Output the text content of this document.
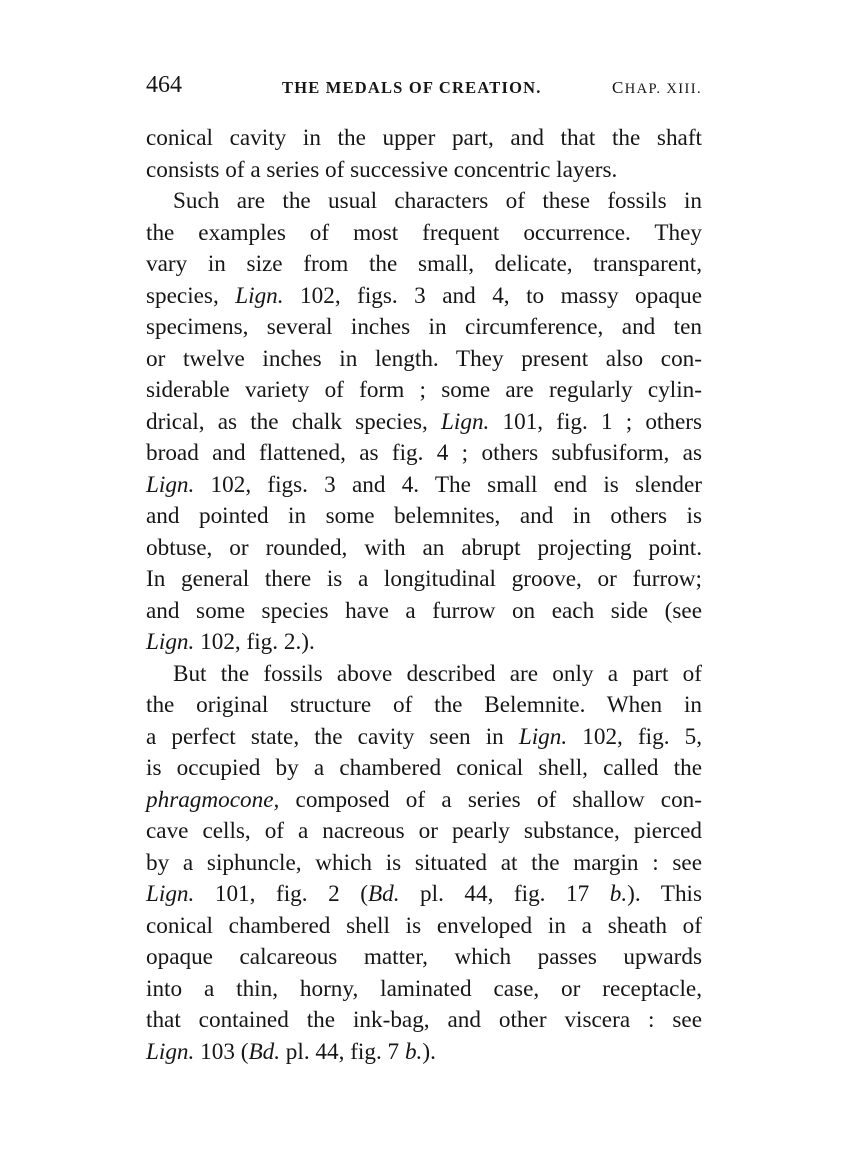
464	THE MEDALS OF CREATION.	CHAP. XIII.
conical cavity in the upper part, and that the shaft
consists of a series of successive concentric layers.
Such are the usual characters of these fossils in
the examples of most frequent occurrence. They
vary in size from the small, delicate, transparent,
species, Lign. 102, figs. 3 and 4, to massy opaque
specimens, several inches in circumference, and ten
or twelve inches in length. They present also con-
siderable variety of form ; some are regularly cylin-
drical, as the chalk species, Lign. 101, fig. 1 ; others
broad and flattened, as fig. 4 ; others subfusiform, as
Lign. 102, figs. 3 and 4. The small end is slender
and pointed in some belemnites, and in others is
obtuse, or rounded, with an abrupt projecting point.
In general there is a longitudinal groove, or furrow;
and some species have a furrow on each side (see
Lign. 102, fig. 2.).
But the fossils above described are only a part of
the original structure of the Belemnite. When in
a perfect state, the cavity seen in Lign. 102, fig. 5,
is occupied by a chambered conical shell, called the
phragmocone, composed of a series of shallow con-
cave cells, of a nacreous or pearly substance, pierced
by a siphuncle, which is situated at the margin : see
Lign. 101, fig. 2 (Bd. pl. 44, fig. 17 b.). This
conical chambered shell is enveloped in a sheath of
opaque calcareous matter, which passes upwards
into a thin, horny, laminated case, or receptacle,
that contained the ink-bag, and other viscera : see
Lign. 103 (Bd. pl. 44, fig. 7 b.).
